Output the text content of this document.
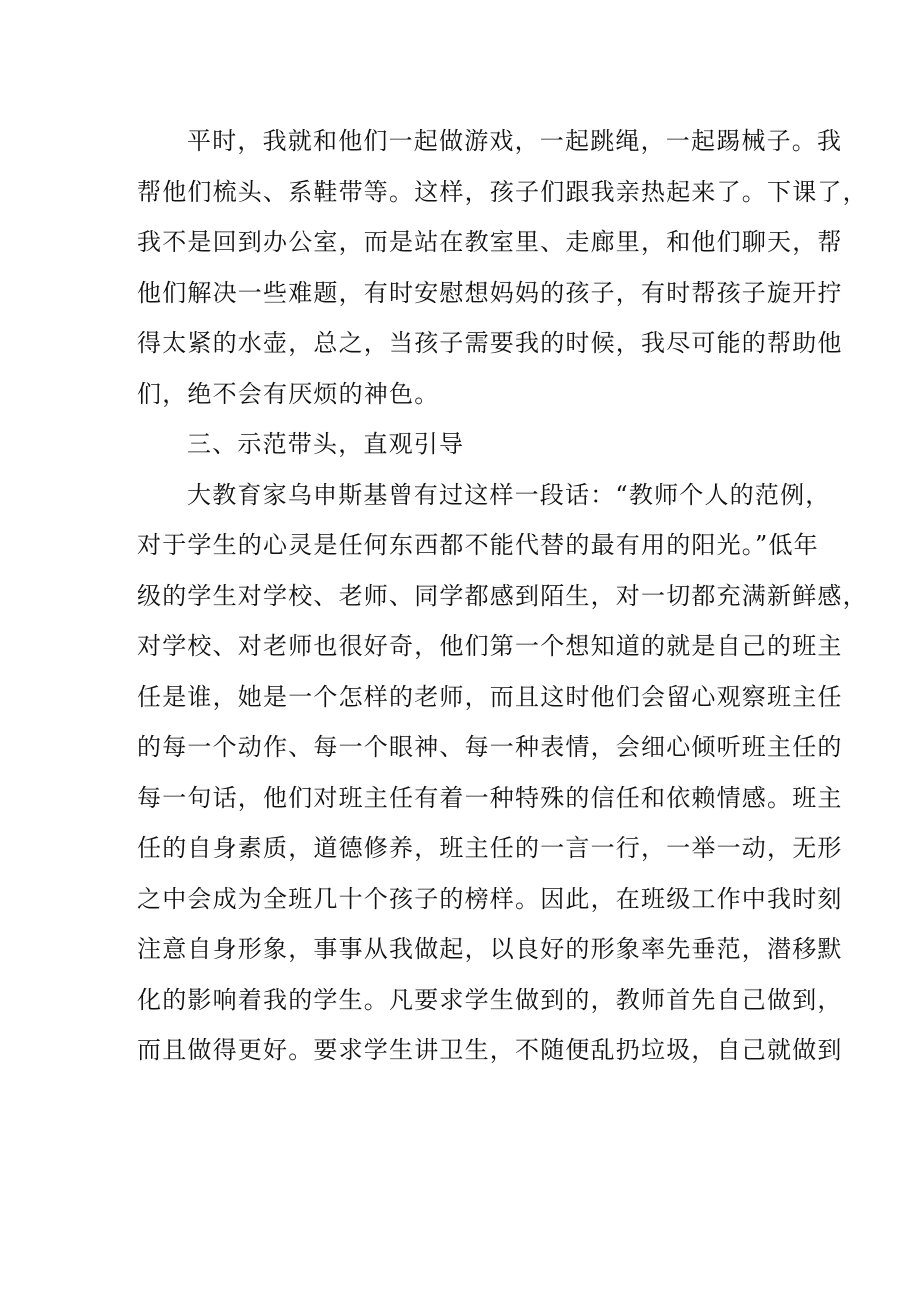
平时，我就和他们一起做游戏，一起跳绳，一起踢械子。我
帮他们梳头、系鞋带等。这样，孩子们跟我亲热起来了。下课了，
我不是回到办公室，而是站在教室里、走廊里，和他们聊天，帮
他们解决一些难题，有时安慰想妈妈的孩子，有时帮孩子旋开拧
得太紧的水壶，总之，当孩子需要我的时候，我尽可能的帮助他
们，绝不会有厌烦的神色。
三、示范带头，直观引导
大教育家乌申斯基曾有过这样一段话：“教师个人的范例，
对于学生的心灵是任何东西都不能代替的最有用的阳光。”低年
级的学生对学校、老师、同学都感到陌生，对一切都充满新鲜感，
对学校、对老师也很好奇，他们第一个想知道的就是自己的班主
任是谁，她是一个怎样的老师，而且这时他们会留心观察班主任
的每一个动作、每一个眼神、每一种表情，会细心倾听班主任的
每一句话，他们对班主任有着一种特殊的信任和依赖情感。班主
任的自身素质，道德修养，班主任的一言一行，一举一动，无形
之中会成为全班几十个孩子的榜样。因此，在班级工作中我时刻
注意自身形象，事事从我做起，以良好的形象率先垂范，潜移默
化的影响着我的学生。凡要求学生做到的，教师首先自己做到，
而且做得更好。要求学生讲卫生，不随便乱扔垃圾，自己就做到
